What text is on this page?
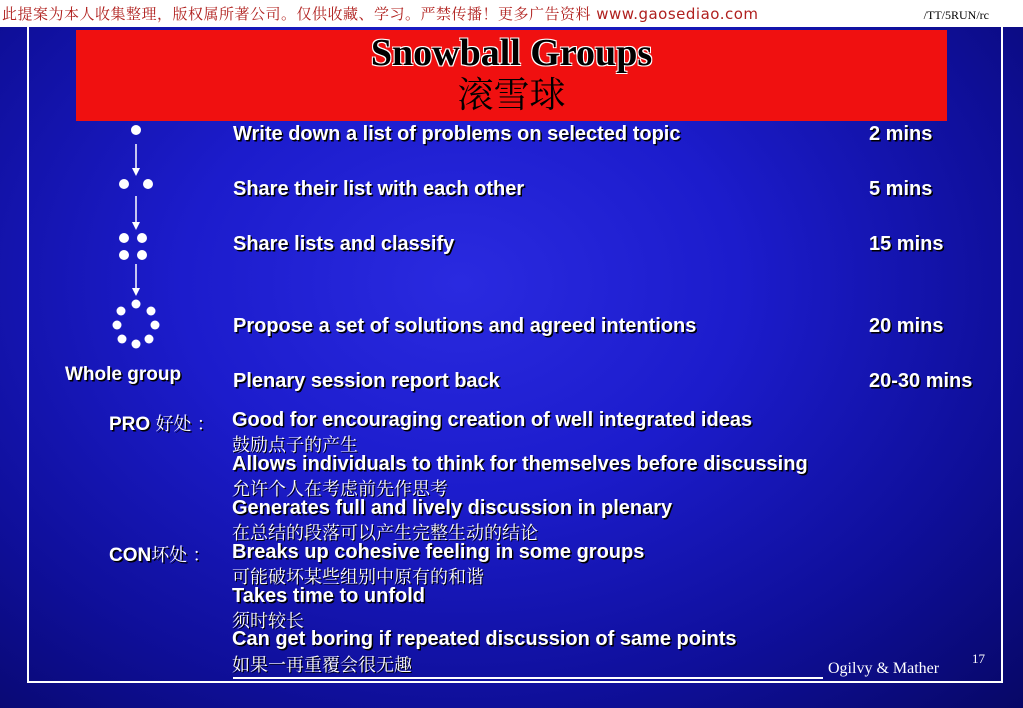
此提案为本人收集整理，版权属所著公司。仅供收藏、学习。严禁传播！更多广告资料 www.gaosediao.com	/TT/5RUN/rc
Snowball Groups
滚雪球
Write down a list of problems on selected topic	2 mins
Share their list with each other	5 mins
Share lists and classify	15 mins
Propose a set of solutions and agreed intentions	20 mins
Plenary session report back	20-30 mins
Whole group
PRO 好处 ： Good for encouraging creation of well integrated ideas
鼓励点子的产生
Allows individuals to think for themselves before discussing
允许个人在考虑前先作思考
Generates full and lively discussion in plenary
在总结的段落可以产生完整生动的结论
CON坏处 ： Breaks up cohesive feeling in some groups
可能破坏某些组别中原有的和谐
Takes time to unfold
须时较长
Can get boring if repeated discussion of same points
如果一再重覆会很无趣	17
Ogilvy & Mather
